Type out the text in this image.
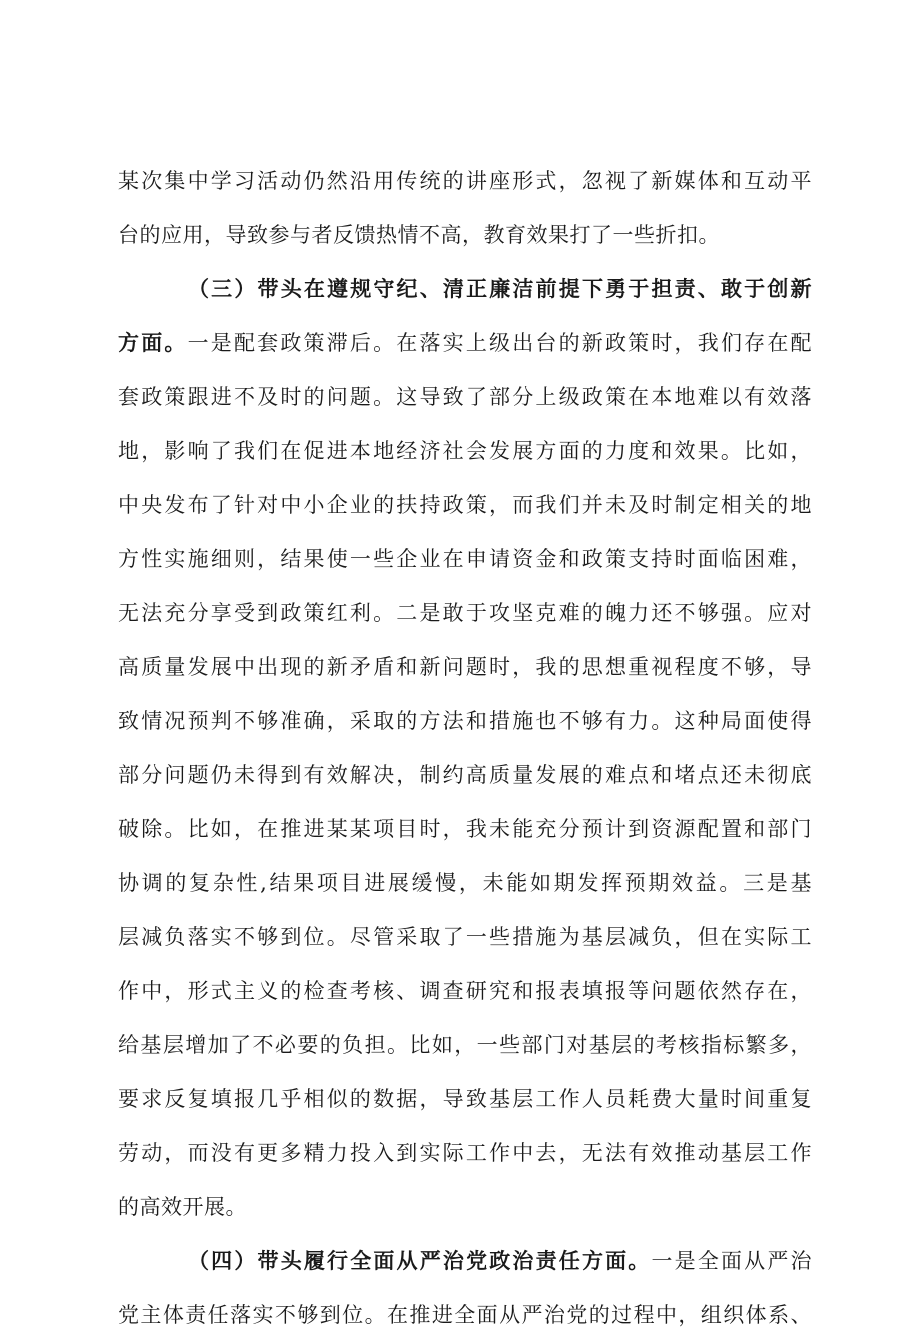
某次集中学习活动仍然沿用传统的讲座形式，忽视了新媒体和互动平
台的应用，导致参与者反馈热情不高，教育效果打了一些折扣。
（三）带头在遵规守纪、清正廉洁前提下勇于担责、敢于创新
方面。一是配套政策滞后。在落实上级出台的新政策时，我们存在配
套政策跟进不及时的问题。这导致了部分上级政策在本地难以有效落
地，影响了我们在促进本地经济社会发展方面的力度和效果。比如，
中央发布了针对中小企业的扶持政策，而我们并未及时制定相关的地
方性实施细则，结果使一些企业在申请资金和政策支持时面临困难，
无法充分享受到政策红利。二是敢于攻坚克难的魄力还不够强。应对
高质量发展中出现的新矛盾和新问题时，我的思想重视程度不够，导
致情况预判不够准确，采取的方法和措施也不够有力。这种局面使得
部分问题仍未得到有效解决，制约高质量发展的难点和堵点还未彻底
破除。比如，在推进某某项目时，我未能充分预计到资源配置和部门
协调的复杂性,结果项目进展缓慢，未能如期发挥预期效益。三是基
层减负落实不够到位。尽管采取了一些措施为基层减负，但在实际工
作中，形式主义的检查考核、调查研究和报表填报等问题依然存在，
给基层增加了不必要的负担。比如，一些部门对基层的考核指标繁多，
要求反复填报几乎相似的数据，导致基层工作人员耗费大量时间重复
劳动，而没有更多精力投入到实际工作中去，无法有效推动基层工作
的高效开展。
（四）带头履行全面从严治党政治责任方面。一是全面从严治
党主体责任落实不够到位。在推进全面从严治党的过程中，组织体系、
